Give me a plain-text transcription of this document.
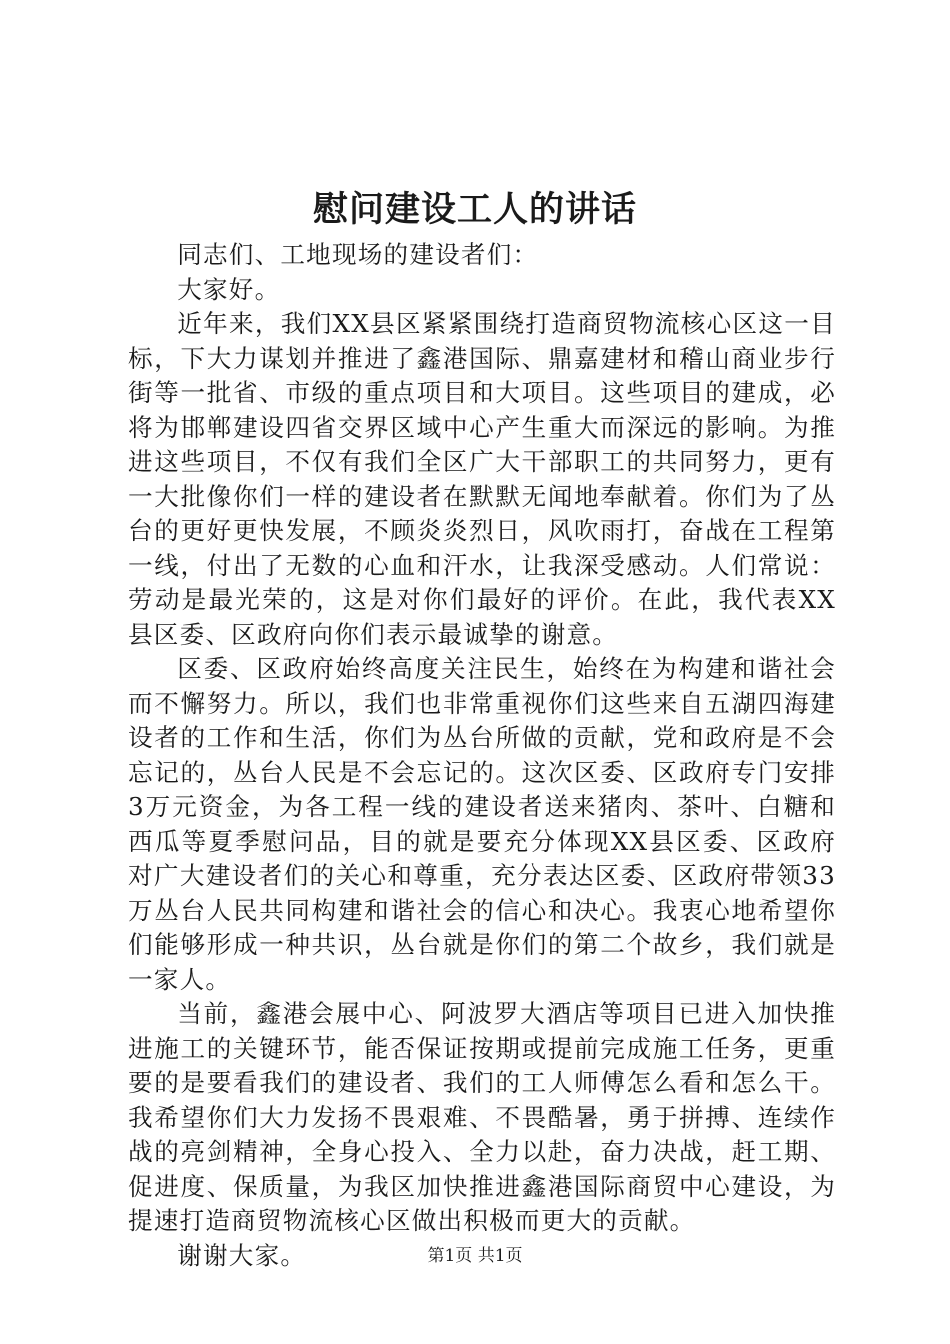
慰问建设工人的讲话

同志们、工地现场的建设者们：

大家好。

近年来，我们XX县区紧紧围绕打造商贸物流核心区这一目标，下大力谋划并推进了鑫港国际、鼎嘉建材和稽山商业步行街等一批省、市级的重点项目和大项目。这些项目的建成，必将为邯郸建设四省交界区域中心产生重大而深远的影响。为推进这些项目，不仅有我们全区广大干部职工的共同努力，更有一大批像你们一样的建设者在默默无闻地奉献着。你们为了丛台的更好更快发展，不顾炎炎烈日，风吹雨打，奋战在工程第一线，付出了无数的心血和汗水，让我深受感动。人们常说：劳动是最光荣的，这是对你们最好的评价。在此，我代表XX县区委、区政府向你们表示最诚挚的谢意。

区委、区政府始终高度关注民生，始终在为构建和谐社会而不懈努力。所以，我们也非常重视你们这些来自五湖四海建设者的工作和生活，你们为丛台所做的贡献，党和政府是不会忘记的，丛台人民是不会忘记的。这次区委、区政府专门安排3万元资金，为各工程一线的建设者送来猪肉、茶叶、白糖和西瓜等夏季慰问品，目的就是要充分体现XX县区委、区政府对广大建设者们的关心和尊重，充分表达区委、区政府带领33万丛台人民共同构建和谐社会的信心和决心。我衷心地希望你们能够形成一种共识，丛台就是你们的第二个故乡，我们就是一家人。

当前，鑫港会展中心、阿波罗大酒店等项目已进入加快推进施工的关键环节，能否保证按期或提前完成施工任务，更重要的是要看我们的建设者、我们的工人师傅怎么看和怎么干。我希望你们大力发扬不畏艰难、不畏酷暑，勇于拼搏、连续作战的亮剑精神，全身心投入、全力以赴，奋力决战，赶工期、促进度、保质量，为我区加快推进鑫港国际商贸中心建设，为提速打造商贸物流核心区做出积极而更大的贡献。

谢谢大家。	第1页 共1页
